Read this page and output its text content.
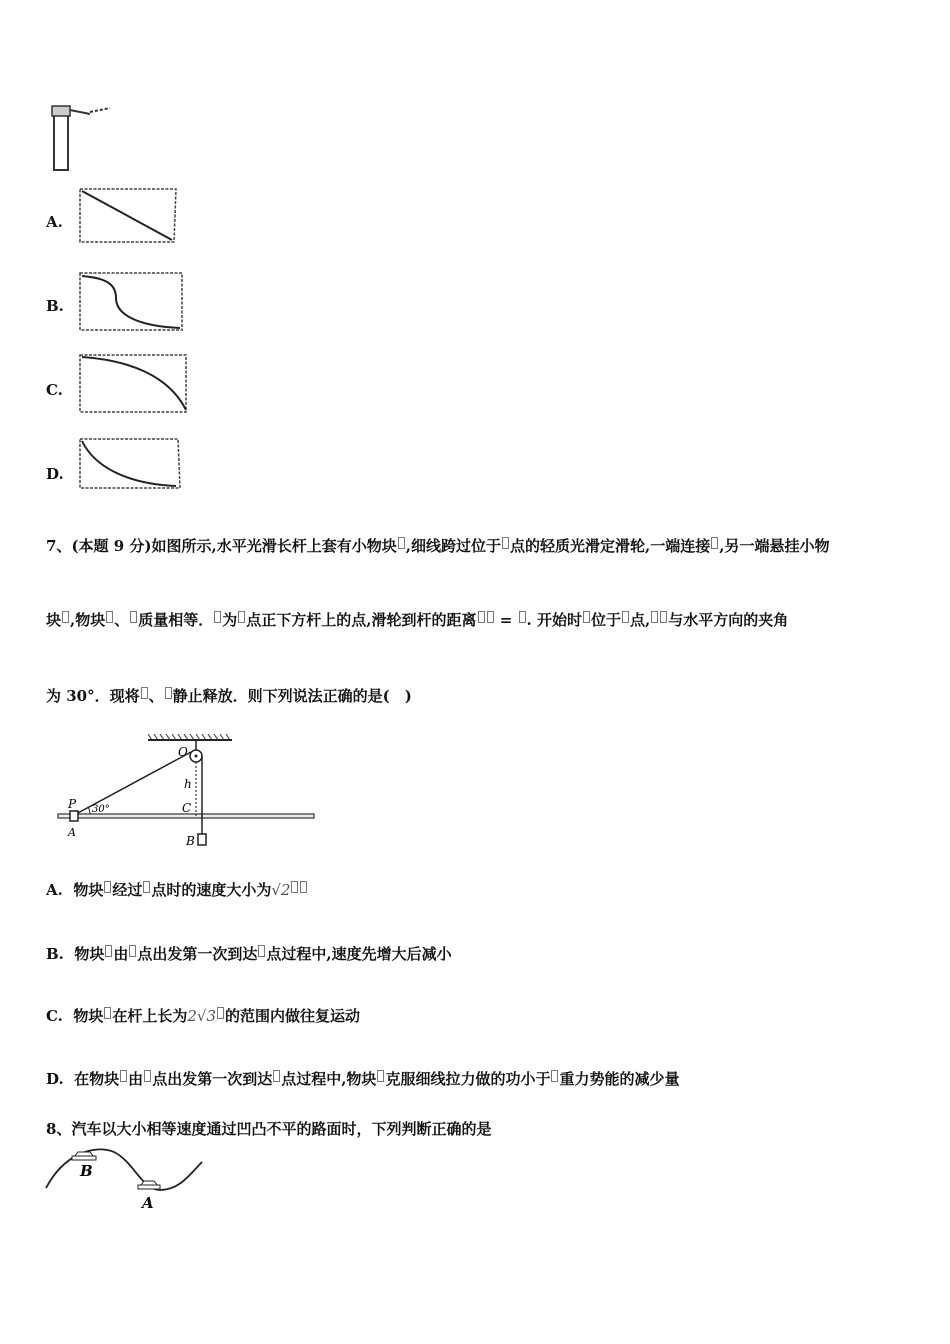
A.
B.
C.
D.
7、(本题 9 分)如图所示,水平光滑长杆上套有小物块 ,细线跨过位于 点的轻质光滑定滑轮,一端连接 ,另一端悬挂小物
块 ,物块 、 质量相等． 为 点正下方杆上的点,滑轮到杆的距离 = . 开始时 位于 点, 与水平方向的夹角
为 30°．现将 、 静止释放．则下列说法正确的是(　)
30°
O
P
A
C
B
h
A. 物块 经过 点时的速度大小为√2
B. 物块 由 点出发第一次到达 点过程中,速度先增大后减小
C. 物块 在杆上长为2√3 的范围内做往复运动
D. 在物块 由 点出发第一次到达 点过程中,物块 克服细线拉力做的功小于 重力势能的减少量
8、汽车以大小相等速度通过凹凸不平的路面时，下列判断正确的是
B
A
